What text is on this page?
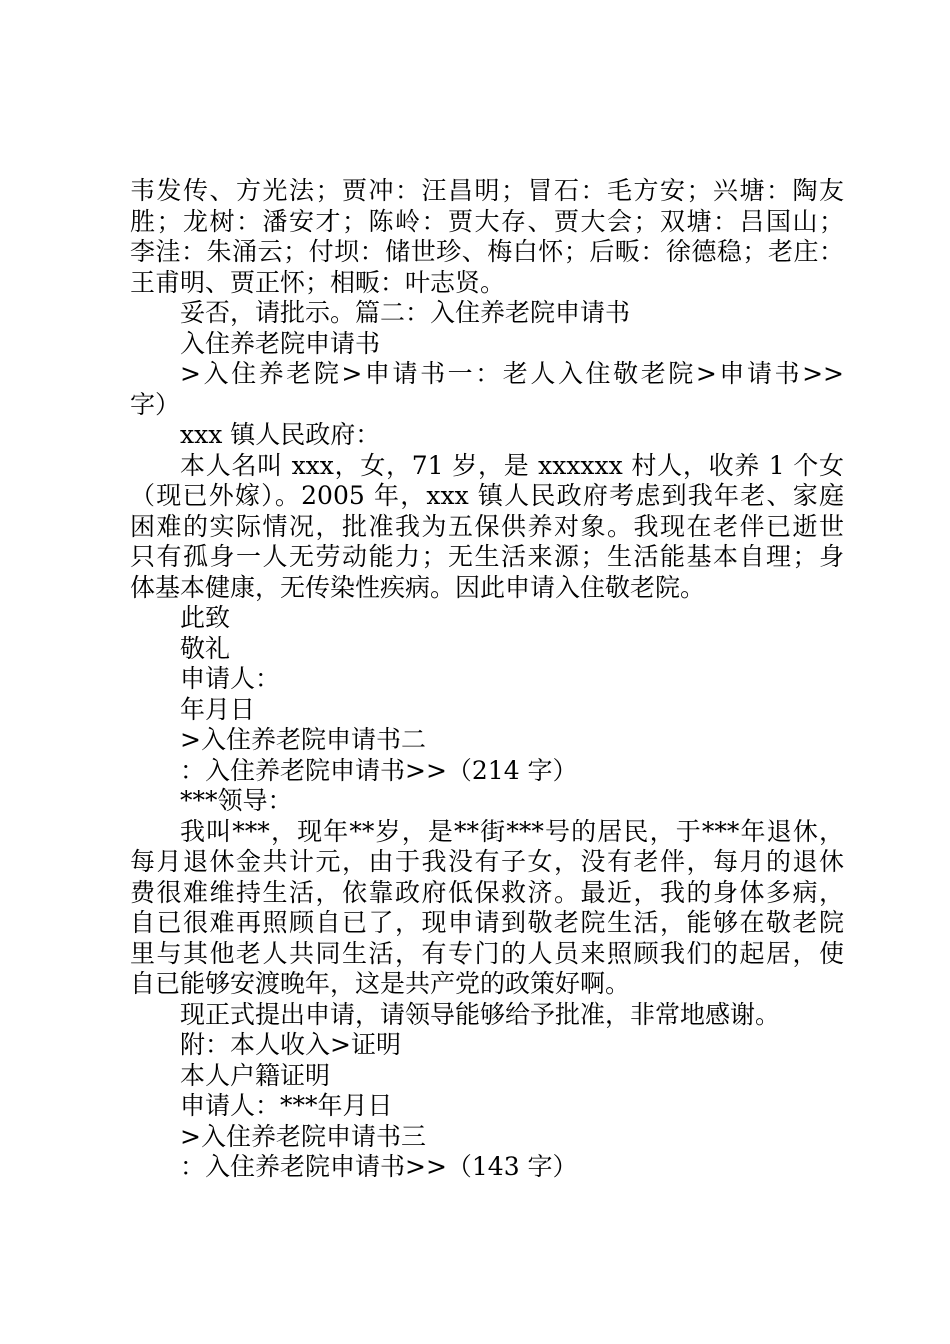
韦发传、方光法；贾冲：汪昌明；冒石：毛方安；兴塘：陶友
胜；龙树：潘安才；陈岭：贾大存、贾大会；双塘：吕国山；
李洼：朱涌云；付坝：储世珍、梅白怀；后畈：徐德稳；老庄：
王甫明、贾正怀；相畈：叶志贤。
妥否，请批示。篇二：入住养老院申请书
入住养老院申请书
>入住养老院>申请书一：老人入住敬老院>申请书>>
字）
xxx 镇人民政府：
本人名叫 xxx，女，71 岁，是 xxxxxx 村人，收养 1 个女
（现已外嫁）。2005 年，xxx 镇人民政府考虑到我年老、家庭
困难的实际情况，批准我为五保供养对象。我现在老伴已逝世
只有孤身一人无劳动能力；无生活来源；生活能基本自理；身
体基本健康，无传染性疾病。因此申请入住敬老院。
此致
敬礼
申请人：
年月日
>入住养老院申请书二
：入住养老院申请书>>（214 字）
***领导：
我叫***，现年**岁，是**街***号的居民，于***年退休，
每月退休金共计元，由于我没有子女，没有老伴，每月的退休
费很难维持生活，依靠政府低保救济。最近，我的身体多病，
自已很难再照顾自已了，现申请到敬老院生活，能够在敬老院
里与其他老人共同生活，有专门的人员来照顾我们的起居，使
自已能够安渡晚年，这是共产党的政策好啊。
现正式提出申请，请领导能够给予批准，非常地感谢。
附：本人收入>证明
本人户籍证明
申请人：***年月日
>入住养老院申请书三
：入住养老院申请书>>（143 字）
